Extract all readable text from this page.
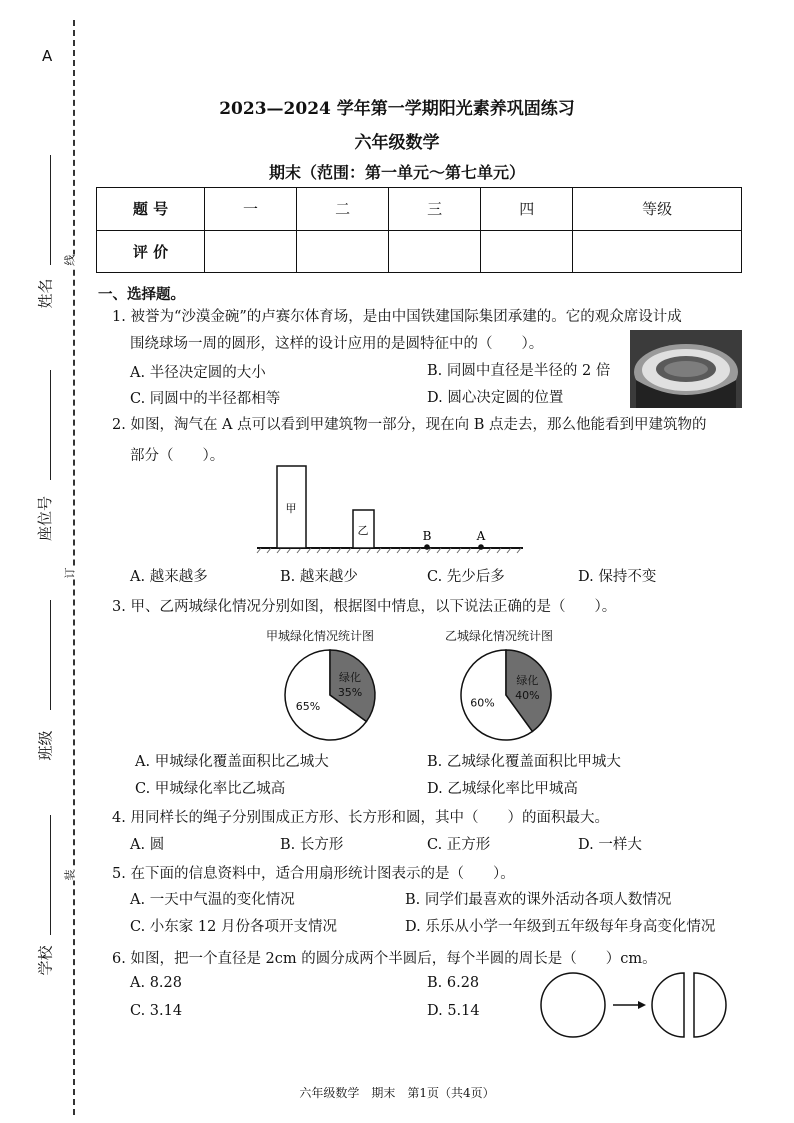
A
线
订
装
姓名
座位号
班级
学校
2023—2024 学年第一学期阳光素养巩固练习
六年级数学
期末（范围：第一单元～第七单元）
题 号	一	二	三	四	等级
评 价					
一、选择题。
1. 被誉为“沙漠金碗”的卢赛尔体育场，是由中国铁建国际集团承建的。它的观众席设计成
围绕球场一周的圆形，这样的设计应用的是圆特征中的（　　）。
A. 半径决定圆的大小	B. 同圆中直径是半径的 2 倍
C. 同圆中的半径都相等	D. 圆心决定圆的位置
2. 如图，淘气在 A 点可以看到甲建筑物一部分，现在向 B 点走去，那么他能看到甲建筑物的
部分（　　）。
甲
乙	B	A
A. 越来越多	B. 越来越少	C. 先少后多	D. 保持不变
3. 甲、乙两城绿化情况分别如图，根据图中情息，以下说法正确的是（　　）。
甲城绿化情况统计图
绿化
35%
65%
乙城绿化情况统计图
绿化
40%
60%
A. 甲城绿化覆盖面积比乙城大	B. 乙城绿化覆盖面积比甲城大
C. 甲城绿化率比乙城高	D. 乙城绿化率比甲城高
4. 用同样长的绳子分别围成正方形、长方形和圆，其中（　　）的面积最大。
A. 圆	B. 长方形	C. 正方形	D. 一样大
5. 在下面的信息资料中，适合用扇形统计图表示的是（　　）。
A. 一天中气温的变化情况	B. 同学们最喜欢的课外活动各项人数情况
C. 小东家 12 月份各项开支情况	D. 乐乐从小学一年级到五年级每年身高变化情况
6. 如图，把一个直径是 2cm 的圆分成两个半圆后，每个半圆的周长是（　　）cm。
A. 8.28	B. 6.28
C. 3.14	D. 5.14
六年级数学　期末　第1页（共4页）
